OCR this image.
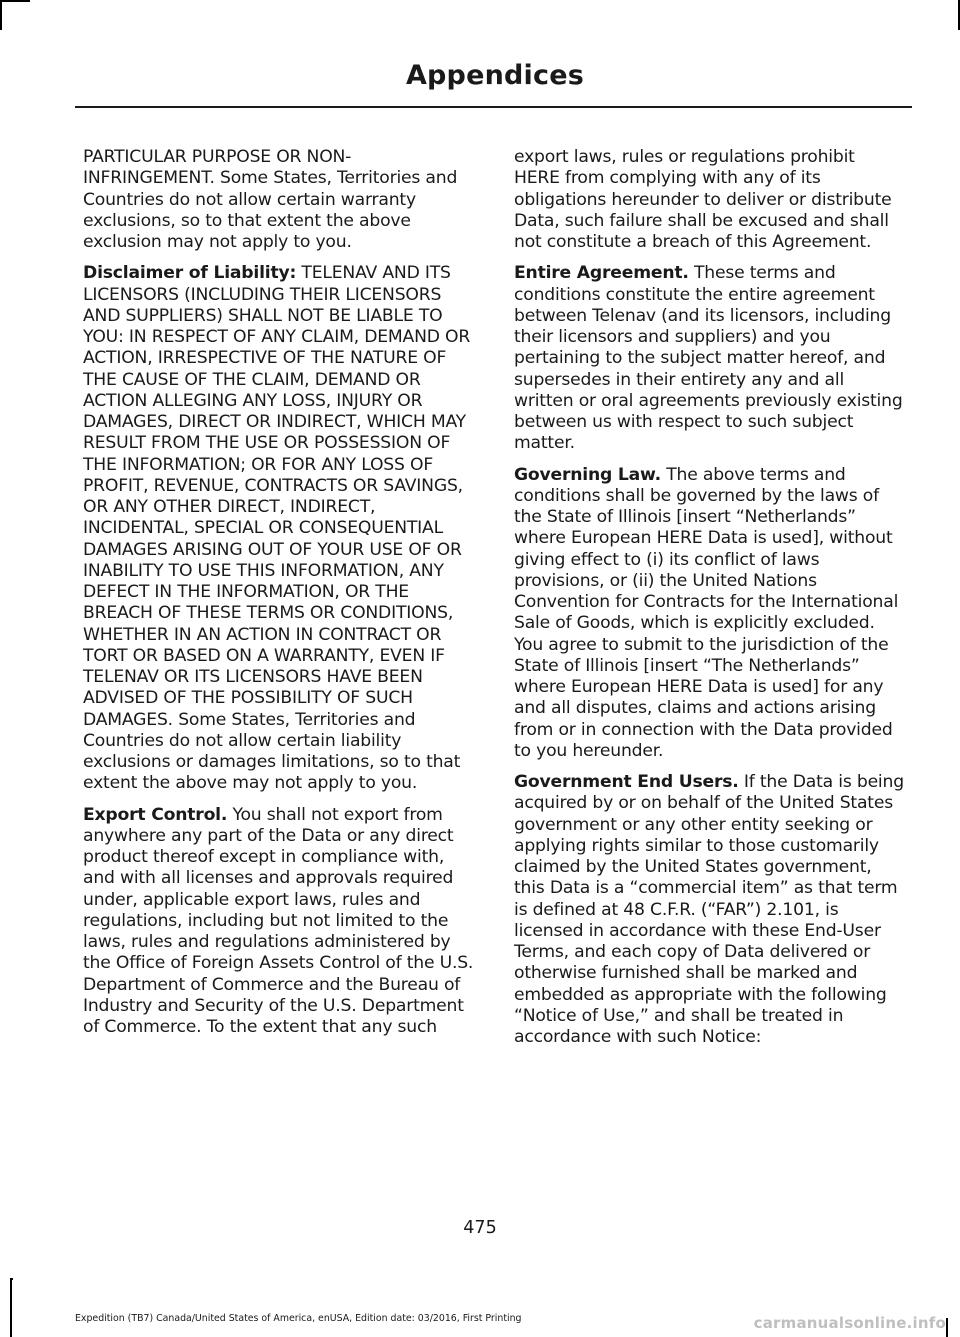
Appendices

PARTICULAR PURPOSE OR NON-INFRINGEMENT. Some States, Territories and Countries do not allow certain warranty exclusions, so to that extent the above exclusion may not apply to you.

Disclaimer of Liability: TELENAV AND ITS LICENSORS (INCLUDING THEIR LICENSORS AND SUPPLIERS) SHALL NOT BE LIABLE TO YOU: IN RESPECT OF ANY CLAIM, DEMAND OR ACTION, IRRESPECTIVE OF THE NATURE OF THE CAUSE OF THE CLAIM, DEMAND OR ACTION ALLEGING ANY LOSS, INJURY OR DAMAGES, DIRECT OR INDIRECT, WHICH MAY RESULT FROM THE USE OR POSSESSION OF THE INFORMATION; OR FOR ANY LOSS OF PROFIT, REVENUE, CONTRACTS OR SAVINGS, OR ANY OTHER DIRECT, INDIRECT, INCIDENTAL, SPECIAL OR CONSEQUENTIAL DAMAGES ARISING OUT OF YOUR USE OF OR INABILITY TO USE THIS INFORMATION, ANY DEFECT IN THE INFORMATION, OR THE BREACH OF THESE TERMS OR CONDITIONS, WHETHER IN AN ACTION IN CONTRACT OR TORT OR BASED ON A WARRANTY, EVEN IF TELENAV OR ITS LICENSORS HAVE BEEN ADVISED OF THE POSSIBILITY OF SUCH DAMAGES. Some States, Territories and Countries do not allow certain liability exclusions or damages limitations, so to that extent the above may not apply to you.

Export Control. You shall not export from anywhere any part of the Data or any direct product thereof except in compliance with, and with all licenses and approvals required under, applicable export laws, rules and regulations, including but not limited to the laws, rules and regulations administered by the Office of Foreign Assets Control of the U.S. Department of Commerce and the Bureau of Industry and Security of the U.S. Department of Commerce. To the extent that any such

export laws, rules or regulations prohibit HERE from complying with any of its obligations hereunder to deliver or distribute Data, such failure shall be excused and shall not constitute a breach of this Agreement.

Entire Agreement. These terms and conditions constitute the entire agreement between Telenav (and its licensors, including their licensors and suppliers) and you pertaining to the subject matter hereof, and supersedes in their entirety any and all written or oral agreements previously existing between us with respect to such subject matter.

Governing Law. The above terms and conditions shall be governed by the laws of the State of Illinois [insert “Netherlands” where European HERE Data is used], without giving effect to (i) its conflict of laws provisions, or (ii) the United Nations Convention for Contracts for the International Sale of Goods, which is explicitly excluded. You agree to submit to the jurisdiction of the State of Illinois [insert “The Netherlands” where European HERE Data is used] for any and all disputes, claims and actions arising from or in connection with the Data provided to you hereunder.

Government End Users. If the Data is being acquired by or on behalf of the United States government or any other entity seeking or applying rights similar to those customarily claimed by the United States government, this Data is a “commercial item” as that term is defined at 48 C.F.R. (“FAR”) 2.101, is licensed in accordance with these End-User Terms, and each copy of Data delivered or otherwise furnished shall be marked and embedded as appropriate with the following “Notice of Use,” and shall be treated in accordance with such Notice:

475
Expedition (TB7) Canada/United States of America, enUSA, Edition date: 03/2016, First Printing	carmanualsonline.info
